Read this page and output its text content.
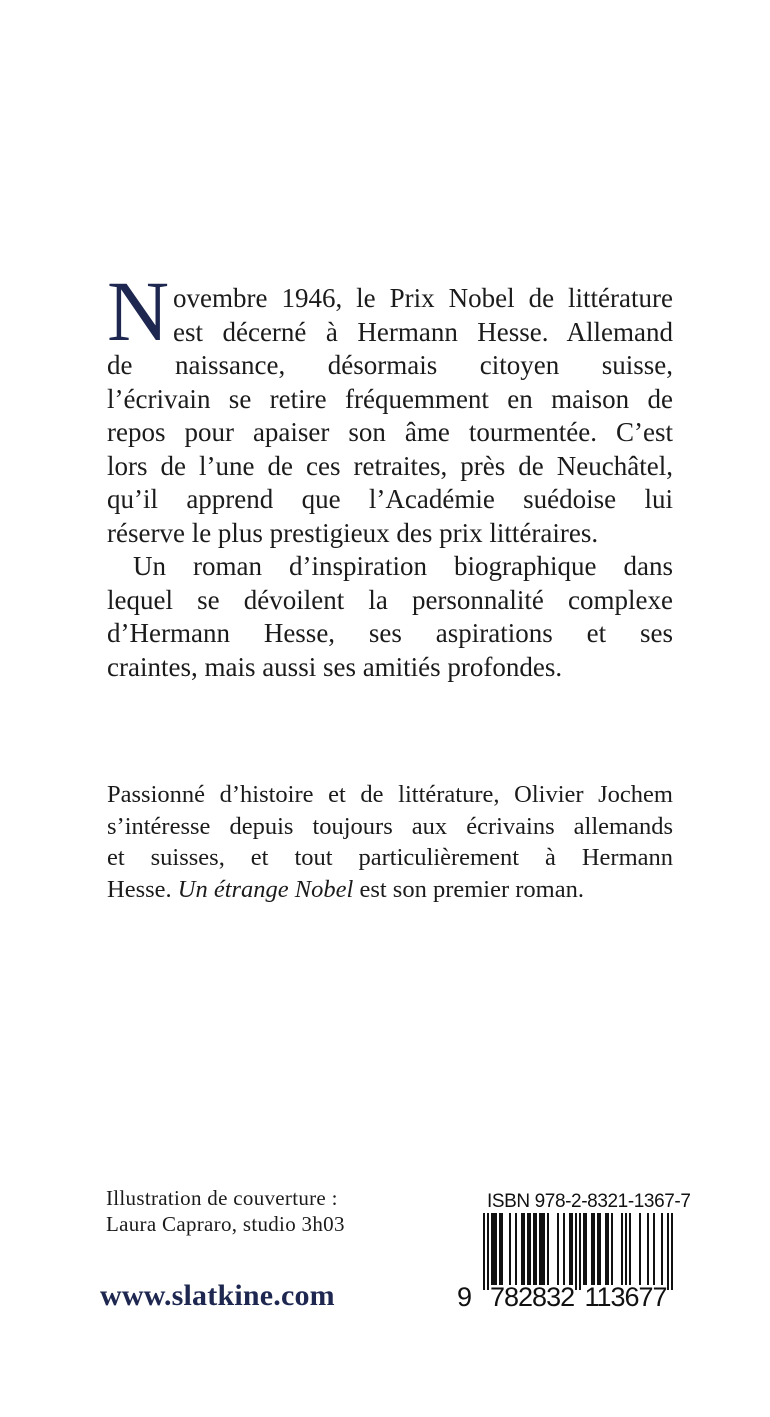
N ovembre 1946, le Prix Nobel de littérature
est décerné à Hermann Hesse. Allemand
de naissance, désormais citoyen suisse,
l’écrivain se retire fréquemment en maison de
repos pour apaiser son âme tourmentée. C’est
lors de l’une de ces retraites, près de Neuchâtel,
qu’il apprend que l’Académie suédoise lui
réserve le plus prestigieux des prix littéraires.
Un roman d’inspiration biographique dans
lequel se dévoilent la personnalité complexe
d’Hermann Hesse, ses aspirations et ses
craintes, mais aussi ses amitiés profondes.
Passionné d’histoire et de littérature, Olivier Jochem
s’intéresse depuis toujours aux écrivains allemands
et suisses, et tout particulièrement à Hermann
Hesse. Un étrange Nobel est son premier roman.
Illustration de couverture :
Laura Capraro, studio 3h03
www.slatkine.com
ISBN 978-2-8321-1367-7
9 782832 113677
